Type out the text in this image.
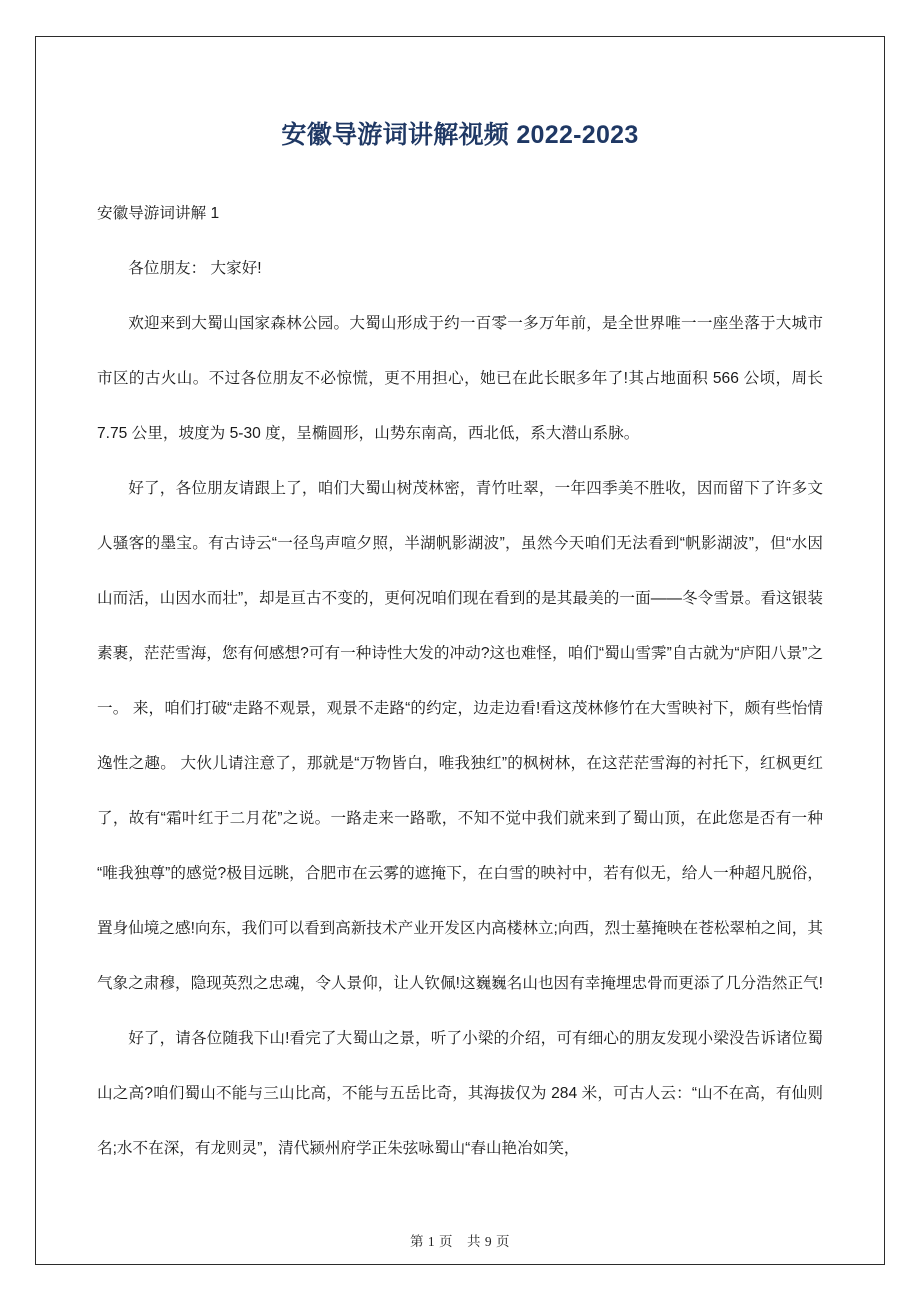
安徽导游词讲解视频 2022-2023

安徽导游词讲解 1

各位朋友： 大家好!

欢迎来到大蜀山国家森林公园。大蜀山形成于约一百零一多万年前，是全世界唯一一座坐落于大城市市区的古火山。不过各位朋友不必惊慌，更不用担心，她已在此长眠多年了!其占地面积 566 公顷，周长 7.75 公里，坡度为 5-30 度，呈椭圆形，山势东南高，西北低，系大潜山系脉。

好了，各位朋友请跟上了，咱们大蜀山树茂林密，青竹吐翠，一年四季美不胜收，因而留下了许多文人骚客的墨宝。有古诗云“一径鸟声喧夕照，半湖帆影湖波”，虽然今天咱们无法看到“帆影湖波”，但“水因山而活，山因水而壮”，却是亘古不变的，更何况咱们现在看到的是其最美的一面——冬令雪景。看这银装素裹，茫茫雪海，您有何感想?可有一种诗性大发的冲动?这也难怪，咱们“蜀山雪霁”自古就为“庐阳八景”之一。 来，咱们打破“走路不观景，观景不走路“的约定，边走边看!看这茂林修竹在大雪映衬下，颇有些怡情逸性之趣。 大伙儿请注意了，那就是“万物皆白，唯我独红”的枫树林，在这茫茫雪海的衬托下，红枫更红了，故有“霜叶红于二月花”之说。一路走来一路歌，不知不觉中我们就来到了蜀山顶，在此您是否有一种“唯我独尊”的感觉?极目远眺，合肥市在云雾的遮掩下，在白雪的映衬中，若有似无，给人一种超凡脱俗，置身仙境之感!向东，我们可以看到高新技术产业开发区内高楼林立;向西，烈士墓掩映在苍松翠柏之间，其气象之肃穆，隐现英烈之忠魂，令人景仰，让人钦佩!这巍巍名山也因有幸掩埋忠骨而更添了几分浩然正气!

好了，请各位随我下山!看完了大蜀山之景，听了小梁的介绍，可有细心的朋友发现小梁没告诉诸位蜀山之高?咱们蜀山不能与三山比高，不能与五岳比奇，其海拔仅为 284 米，可古人云：“山不在高，有仙则名;水不在深，有龙则灵”，清代颍州府学正朱弦咏蜀山“春山艳冶如笑，

第 1 页 共 9 页
